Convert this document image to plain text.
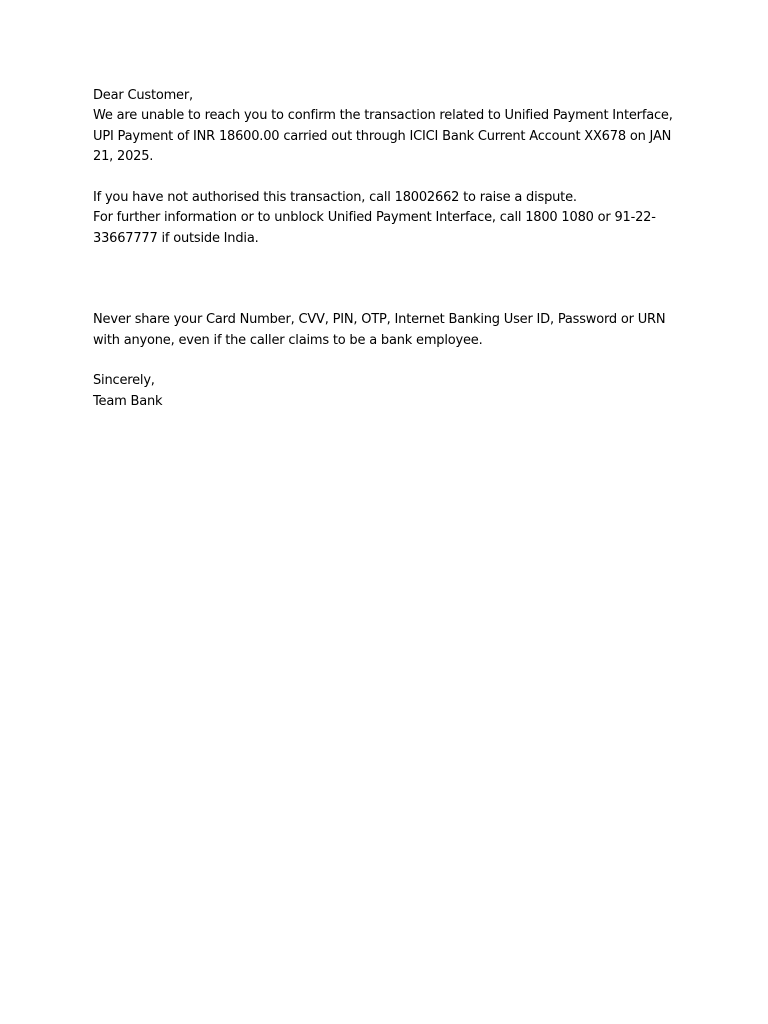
Dear Customer,
We are unable to reach you to confirm the transaction related to Unified Payment Interface,
UPI Payment of INR 18600.00 carried out through ICICI Bank Current Account XX678 on JAN
21, 2025.
If you have not authorised this transaction, call 18002662 to raise a dispute.
For further information or to unblock Unified Payment Interface, call 1800 1080 or 91-22-
33667777 if outside India.
Never share your Card Number, CVV, PIN, OTP, Internet Banking User ID, Password or URN
with anyone, even if the caller claims to be a bank employee.
Sincerely,
Team Bank
